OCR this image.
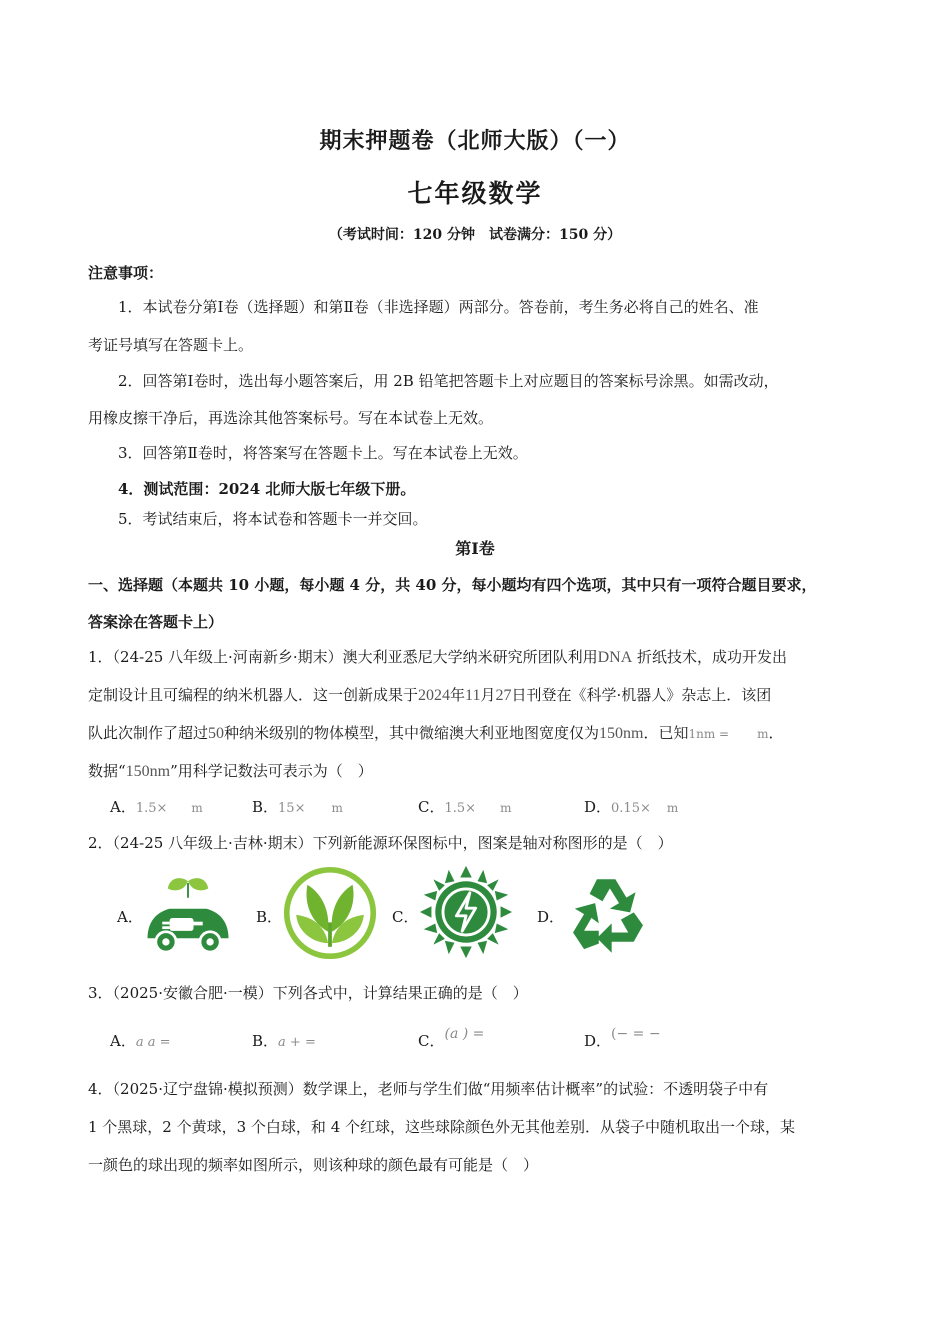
期末押题卷（北师大版）（一）
七年级数学
（考试时间：120 分钟　试卷满分：150 分）
注意事项：
1．本试卷分第Ⅰ卷（选择题）和第Ⅱ卷（非选择题）两部分。答卷前，考生务必将自己的姓名、准
考证号填写在答题卡上。
2．回答第Ⅰ卷时，选出每小题答案后，用 2B 铅笔把答题卡上对应题目的答案标号涂黑。如需改动，
用橡皮擦干净后，再选涂其他答案标号。写在本试卷上无效。
3．回答第Ⅱ卷时，将答案写在答题卡上。写在本试卷上无效。
4．测试范围：2024 北师大版七年级下册。
5．考试结束后，将本试卷和答题卡一并交回。
第Ⅰ卷
一、选择题（本题共 10 小题，每小题 4 分，共 40 分，每小题均有四个选项，其中只有一项符合题目要求，
答案涂在答题卡上）
1．（24-25 八年级上·河南新乡·期末）澳大利亚悉尼大学纳米研究所团队利用DNA 折纸技术，成功开发出
定制设计且可编程的纳米机器人．这一创新成果于2024年11月27日刊登在《科学·机器人》杂志上．该团
队此次制作了超过50种纳米级别的物体模型，其中微缩澳大利亚地图宽度仅为150nm．已知1nm = m．
数据“150nm”用科学记数法可表示为（　）
A．1.5× m	B．15× m	C．1.5× m	D．0.15× m
2．（24-25 八年级上·吉林·期末）下列新能源环保图标中，图案是轴对称图形的是（　）
A．	B．	C．	D．
3．（2025·安徽合肥·一模）下列各式中，计算结果正确的是（　）
A．a a =	B．a + =	C．(a ) =	D．(− = −
4．（2025·辽宁盘锦·模拟预测）数学课上，老师与学生们做“用频率估计概率”的试验：不透明袋子中有
1 个黑球，2 个黄球，3 个白球，和 4 个红球，这些球除颜色外无其他差别．从袋子中随机取出一个球，某
一颜色的球出现的频率如图所示，则该种球的颜色最有可能是（　）
